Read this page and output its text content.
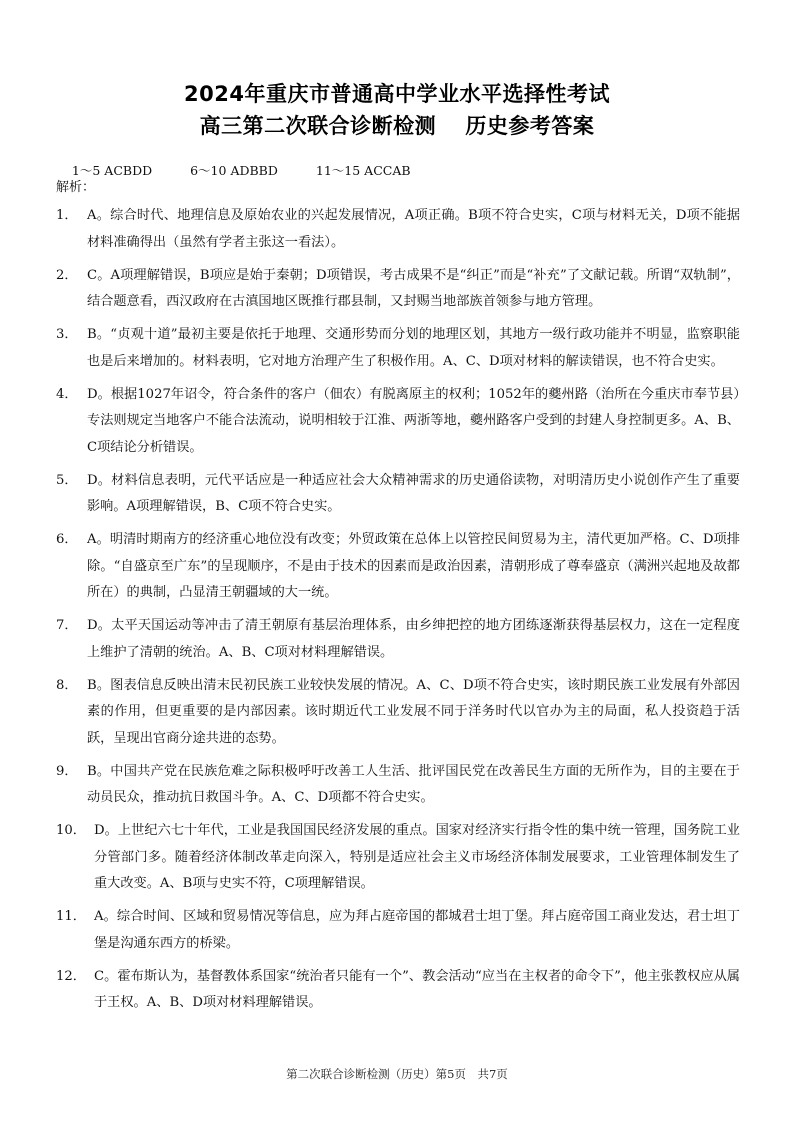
2024年重庆市普通高中学业水平选择性考试
高三第二次联合诊断检测　 历史参考答案

1～5 ACBDD	6～10 ADBBD	11～15 ACCAB

解析：
1． A。综合时代、地理信息及原始农业的兴起发展情况，A项正确。B项不符合史实，C项与材料无关，D项不能据材料准确得出（虽然有学者主张这一看法）。
2． C。A项理解错误，B项应是始于秦朝；D项错误，考古成果不是“纠正”而是“补充”了文献记载。所谓“双轨制”，结合题意看，西汉政府在古滇国地区既推行郡县制，又封赐当地部族首领参与地方管理。
3． B。“贞观十道”最初主要是依托于地理、交通形势而分划的地理区划，其地方一级行政功能并不明显，监察职能也是后来增加的。材料表明，它对地方治理产生了积极作用。A、C、D项对材料的解读错误，也不符合史实。
4． D。根据1027年诏令，符合条件的客户（佃农）有脱离原主的权利；1052年的夔州路（治所在今重庆市奉节县）专法则规定当地客户不能合法流动，说明相较于江淮、两浙等地，夔州路客户受到的封建人身控制更多。A、B、C项结论分析错误。
5． D。材料信息表明，元代平话应是一种适应社会大众精神需求的历史通俗读物，对明清历史小说创作产生了重要影响。A项理解错误，B、C项不符合史实。
6． A。明清时期南方的经济重心地位没有改变；外贸政策在总体上以管控民间贸易为主，清代更加严格。C、D项排除。“自盛京至广东”的呈现顺序，不是由于技术的因素而是政治因素，清朝形成了尊奉盛京（满洲兴起地及故都所在）的典制，凸显清王朝疆域的大一统。
7． D。太平天国运动等冲击了清王朝原有基层治理体系，由乡绅把控的地方团练逐渐获得基层权力，这在一定程度上维护了清朝的统治。A、B、C项对材料理解错误。
8． B。图表信息反映出清末民初民族工业较快发展的情况。A、C、D项不符合史实，该时期民族工业发展有外部因素的作用，但更重要的是内部因素。该时期近代工业发展不同于洋务时代以官办为主的局面，私人投资趋于活跃，呈现出官商分途共进的态势。
9． B。中国共产党在民族危难之际积极呼吁改善工人生活、批评国民党在改善民生方面的无所作为，目的主要在于动员民众，推动抗日救国斗争。A、C、D项都不符合史实。
10． D。上世纪六七十年代，工业是我国国民经济发展的重点。国家对经济实行指令性的集中统一管理，国务院工业分管部门多。随着经济体制改革走向深入，特别是适应社会主义市场经济体制发展要求，工业管理体制发生了重大改变。A、B项与史实不符，C项理解错误。
11． A。综合时间、区域和贸易情况等信息，应为拜占庭帝国的都城君士坦丁堡。拜占庭帝国工商业发达，君士坦丁堡是沟通东西方的桥梁。
12． C。霍布斯认为，基督教体系国家“统治者只能有一个”、教会活动“应当在主权者的命令下”，他主张教权应从属于王权。A、B、D项对材料理解错误。
第二次联合诊断检测（历史）第5页　共7页
